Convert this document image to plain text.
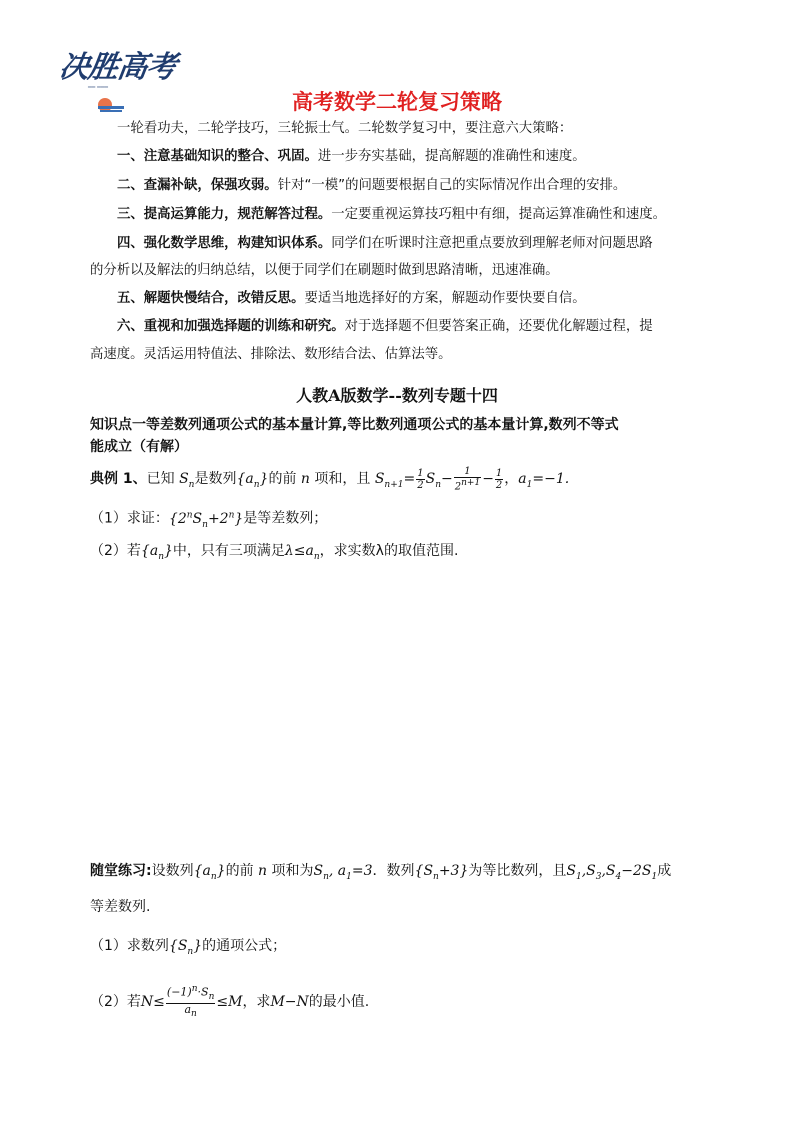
决胜高考
━━ ━━━
高考数学二轮复习策略
一轮看功夫，二轮学技巧，三轮振士气。二轮数学复习中，要注意六大策略：
一、注意基础知识的整合、巩固。进一步夯实基础，提高解题的准确性和速度。
二、查漏补缺，保强攻弱。针对“一模”的问题要根据自己的实际情况作出合理的安排。
三、提高运算能力，规范解答过程。一定要重视运算技巧粗中有细，提高运算准确性和速度。
四、强化数学思维，构建知识体系。同学们在听课时注意把重点要放到理解老师对问题思路
的分析以及解法的归纳总结，以便于同学们在刷题时做到思路清晰，迅速准确。
五、解题快慢结合，改错反思。要适当地选择好的方案，解题动作要快要自信。
六、重视和加强选择题的训练和研究。对于选择题不但要答案正确，还要优化解题过程，提
高速度。灵活运用特值法、排除法、数形结合法、估算法等。
人教A版数学--数列专题十四
知识点一等差数列通项公式的基本量计算,等比数列通项公式的基本量计算,数列不等式
能成立（有解）
典例 1、已知 $S_n$是数列$\{a_n\}$的前 n 项和，且 $S_{n+1}= \frac{1}{2} S_n- \frac{1}{2^{n+1}} - \frac{1}{2}$ ，$a_1=-1$.
（1）求证：$\{2^nS_n+2^n\}$是等差数列；
（2）若$\{a_n\}$中，只有三项满足$\lambda\le a_n$，求实数λ的取值范围.
随堂练习:设数列$\{a_n\}$的前 n 项和为$S_n$, $a_1=3$．数列$\{S_n+3\}$为等比数列，且$S_1,S_3,S_4-2S_1$成
等差数列.
（1）求数列$\{S_n\}$的通项公式；
（2）若$N\le \frac{(-1)^n\cdot S_n}{a_n} \le M$，求M−N的最小值.
